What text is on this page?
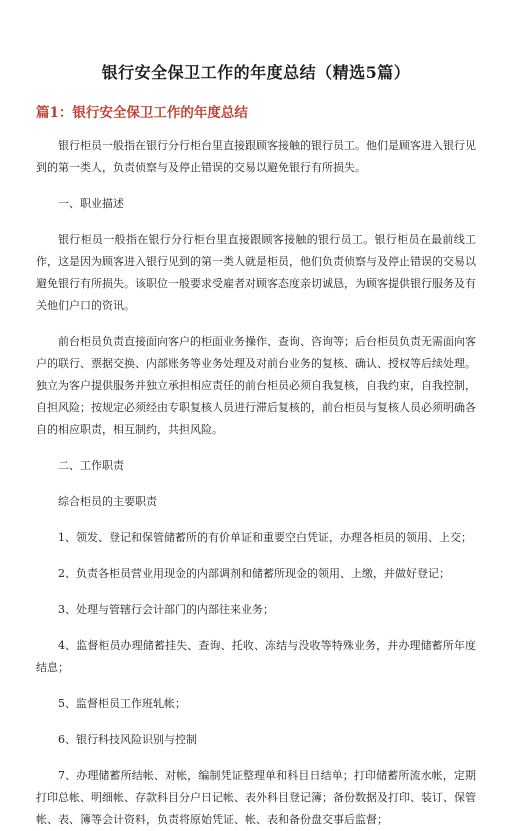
银行安全保卫工作的年度总结（精选5篇）
篇1：银行安全保卫工作的年度总结

银行柜员一般指在银行分行柜台里直接跟顾客接触的银行员工。他们是顾客进入银行见到的第一类人，负责侦察与及停止错误的交易以避免银行有所损失。

一、职业描述

银行柜员一般指在银行分行柜台里直接跟顾客接触的银行员工。银行柜员在最前线工作，这是因为顾客进入银行见到的第一类人就是柜员，他们负责侦察与及停止错误的交易以避免银行有所损失。该职位一般要求受雇者对顾客态度亲切诚恳，为顾客提供银行服务及有关他们户口的资讯。

前台柜员负责直接面向客户的柜面业务操作、查询、咨询等；后台柜员负责无需面向客户的联行、票据交换、内部账务等业务处理及对前台业务的复核、确认、授权等后续处理。独立为客户提供服务并独立承担相应责任的前台柜员必须自我复核，自我约束，自我控制，自担风险；按规定必须经由专职复核人员进行滞后复核的，前台柜员与复核人员必须明确各自的相应职责，相互制约，共担风险。

二、工作职责

综合柜员的主要职责

1、领发、登记和保管储蓄所的有价单证和重要空白凭证，办理各柜员的领用、上交；

2、负责各柜员营业用现金的内部调剂和储蓄所现金的领用、上缴，并做好登记；

3、处理与管辖行会计部门的内部往来业务；

4、监督柜员办理储蓄挂失、查询、托收、冻结与没收等特殊业务，并办理储蓄所年度结息；

5、监督柜员工作班轧帐；

6、银行科技风险识别与控制

7、办理储蓄所结帐、对帐，编制凭证整理单和科目日结单；打印储蓄所流水帐，定期打印总帐、明细帐、存款科目分户日记帐、表外科目登记簿；备份数据及打印、装订、保管帐、表、簿等会计资料，负责将原始凭证、帐、表和备份盘交事后监督；
